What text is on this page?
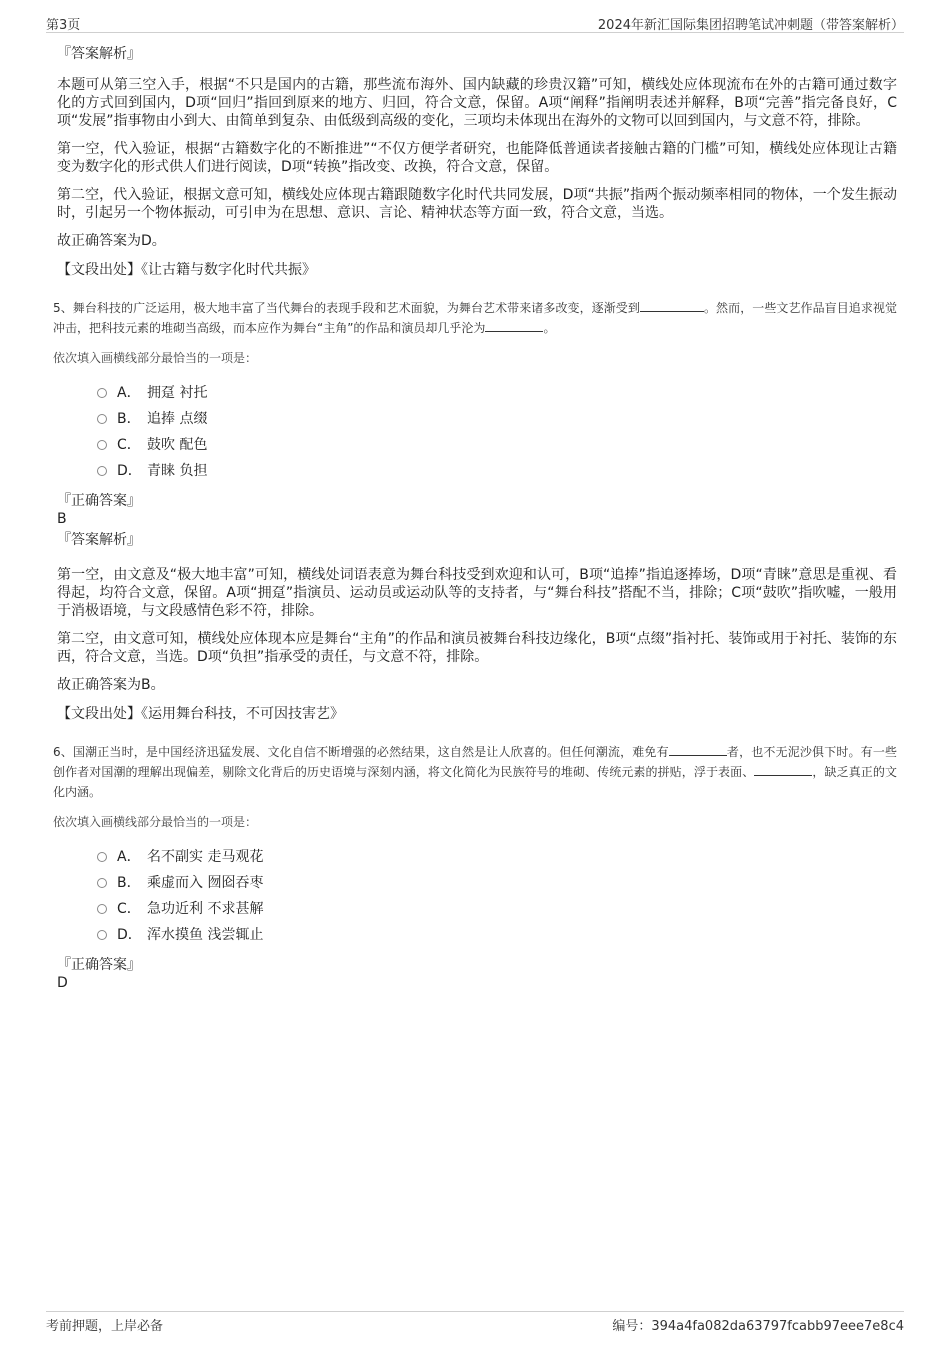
第3页	2024年新汇国际集团招聘笔试冲刺题（带答案解析）

『答案解析』

本题可从第三空入手，根据“不只是国内的古籍，那些流布海外、国内缺藏的珍贵汉籍”可知，横线处应体现流布在外的古籍可通过数字化的方式回到国内，D项“回归”指回到原来的地方、归回，符合文意，保留。A项“阐释”指阐明表述并解释，B项“完善”指完备良好，C项“发展”指事物由小到大、由简单到复杂、由低级到高级的变化，三项均未体现出在海外的文物可以回到国内，与文意不符，排除。

第一空，代入验证，根据“古籍数字化的不断推进”“不仅方便学者研究，也能降低普通读者接触古籍的门槛”可知，横线处应体现让古籍变为数字化的形式供人们进行阅读，D项“转换”指改变、改换，符合文意，保留。

第二空，代入验证，根据文意可知，横线处应体现古籍跟随数字化时代共同发展，D项“共振”指两个振动频率相同的物体，一个发生振动时，引起另一个物体振动，可引申为在思想、意识、言论、精神状态等方面一致，符合文意，当选。

故正确答案为D。

【文段出处】《让古籍与数字化时代共振》

5、舞台科技的广泛运用，极大地丰富了当代舞台的表现手段和艺术面貌，为舞台艺术带来诸多改变，逐渐受到	。然而，一些文艺作品盲目追求视觉冲击，把科技元素的堆砌当高级，而本应作为舞台“主角”的作品和演员却几乎沦为	。

依次填入画横线部分最恰当的一项是：

A． 拥趸 衬托
B． 追捧 点缀
C． 鼓吹 配色
D． 青睐 负担

『正确答案』

B

『答案解析』

第一空，由文意及“极大地丰富”可知，横线处词语表意为舞台科技受到欢迎和认可，B项“追捧”指追逐捧场，D项“青睐”意思是重视、看得起，均符合文意，保留。A项“拥趸”指演员、运动员或运动队等的支持者，与“舞台科技”搭配不当，排除；C项“鼓吹”指吹嘘，一般用于消极语境，与文段感情色彩不符，排除。

第二空，由文意可知，横线处应体现本应是舞台“主角”的作品和演员被舞台科技边缘化，B项“点缀”指衬托、装饰或用于衬托、装饰的东西，符合文意，当选。D项“负担”指承受的责任，与文意不符，排除。

故正确答案为B。

【文段出处】《运用舞台科技，不可因技害艺》

6、国潮正当时，是中国经济迅猛发展、文化自信不断增强的必然结果，这自然是让人欣喜的。但任何潮流，难免有	者，也不无泥沙俱下时。有一些创作者对国潮的理解出现偏差，剔除文化背后的历史语境与深刻内涵，将文化简化为民族符号的堆砌、传统元素的拼贴，浮于表面、	，缺乏真正的文化内涵。

依次填入画横线部分最恰当的一项是：

A． 名不副实 走马观花
B． 乘虚而入 囫囵吞枣
C． 急功近利 不求甚解
D． 浑水摸鱼 浅尝辄止

『正确答案』

D

考前押题，上岸必备	编号：394a4fa082da63797fcabb97eee7e8c4
